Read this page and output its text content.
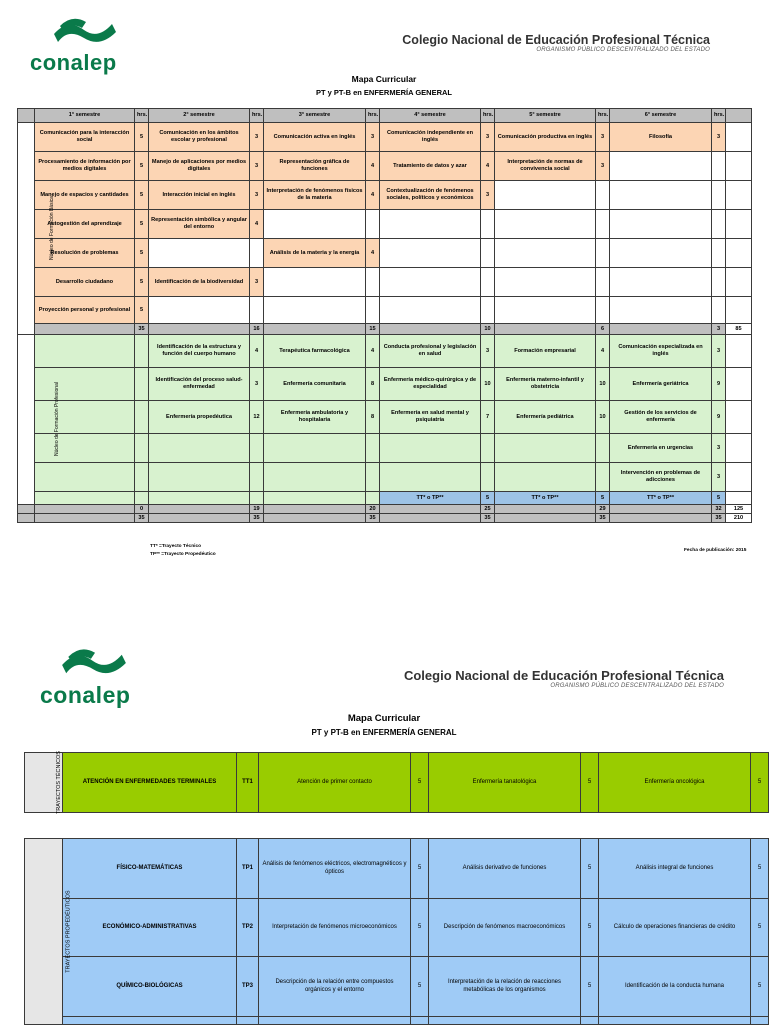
conalep
Colegio Nacional de Educación Profesional Técnica
ORGANISMO PÚBLICO DESCENTRALIZADO DEL ESTADO
Mapa Curricular
PT y PT-B en ENFERMERÍA GENERAL
	1° semestre	hrs.	2° semestre	hrs.	3° semestre	hrs.	4° semestre	hrs.	5° semestre	hrs.	6° semestre	hrs.	
Núcleo de Formación Básica	Comunicación para la interacción social	5	Comunicación en los ámbitos escolar y profesional	3	Comunicación activa en inglés	3	Comunicación independiente en inglés	3	Comunicación productiva en inglés	3	Filosofía	3	
	Procesamiento de información por medios digitales	5	Manejo de aplicaciones por medios digitales	3	Representación gráfica de funciones	4	Tratamiento de datos y azar	4	Interpretación de normas de convivencia social	3			
	Manejo de espacios y cantidades	5	Interacción inicial en inglés	3	Interpretación de fenómenos físicos de la materia	4	Contextualización de fenómenos sociales, políticos y económicos	3					
	Autogestión del aprendizaje	5	Representación simbólica y angular del entorno	4									
	Resolución de problemas	5			Análisis de la materia y la energía	4							
	Desarrollo ciudadano	5	Identificación de la biodiversidad	3									
	Proyección personal y profesional	5											
		35		16		15		10		6		3	85
Núcleo de Formación Profesional			Identificación de la estructura y función del cuerpo humano	4	Terapéutica farmacológica	4	Conducta profesional y legislación en salud	3	Formación empresarial	4	Comunicación especializada en inglés	3	
			Identificación del proceso salud-enfermedad	3	Enfermería comunitaria	8	Enfermería médico-quirúrgica y de especialidad	10	Enfermería materno-infantil y obstetricia	10	Enfermería geriátrica	9	
			Enfermería propedéutica	12	Enfermería ambulatoria y hospitalaria	8	Enfermería en salud mental y psiquiatría	7	Enfermería pediátrica	10	Gestión de los servicios de enfermería	9	
											Enfermería en urgencias	3	
											Intervención en problemas de adicciones	3	
							TT* o TP**	5	TT* o TP**	5	TT* o TP**	5	
		0		19		20		25		29		32	125
		35		35		35		35		35		35	210
TT* =Trayecto Técnico
TP** =Trayecto Propedéutico
Fecha de publicación: 2015
conalep
Colegio Nacional de Educación Profesional Técnica
ORGANISMO PÚBLICO DESCENTRALIZADO DEL ESTADO
Mapa Curricular
PT y PT-B en ENFERMERÍA GENERAL
TRAYECTOS TÉCNICOS	ATENCIÓN EN ENFERMEDADES TERMINALES	TT1	Atención de primer contacto	5	Enfermería tanatológica	5	Enfermería oncológica	5
TRAYECTOS PROPEDÉUTICOS	FÍSICO-MATEMÁTICAS	TP1	Análisis de fenómenos eléctricos, electromagnéticos y ópticos	5	Análisis derivativo de funciones	5	Análisis integral de funciones	5
	ECONÓMICO-ADMINISTRATIVAS	TP2	Interpretación de fenómenos microeconómicos	5	Descripción de fenómenos macroeconómicos	5	Cálculo de operaciones financieras de crédito	5
	QUÍMICO-BIOLÓGICAS	TP3	Descripción de la relación entre compuestos orgánicos y el entorno	5	Interpretación de la relación de reacciones metabólicas de los organismos	5	Identificación de la conducta humana	5
